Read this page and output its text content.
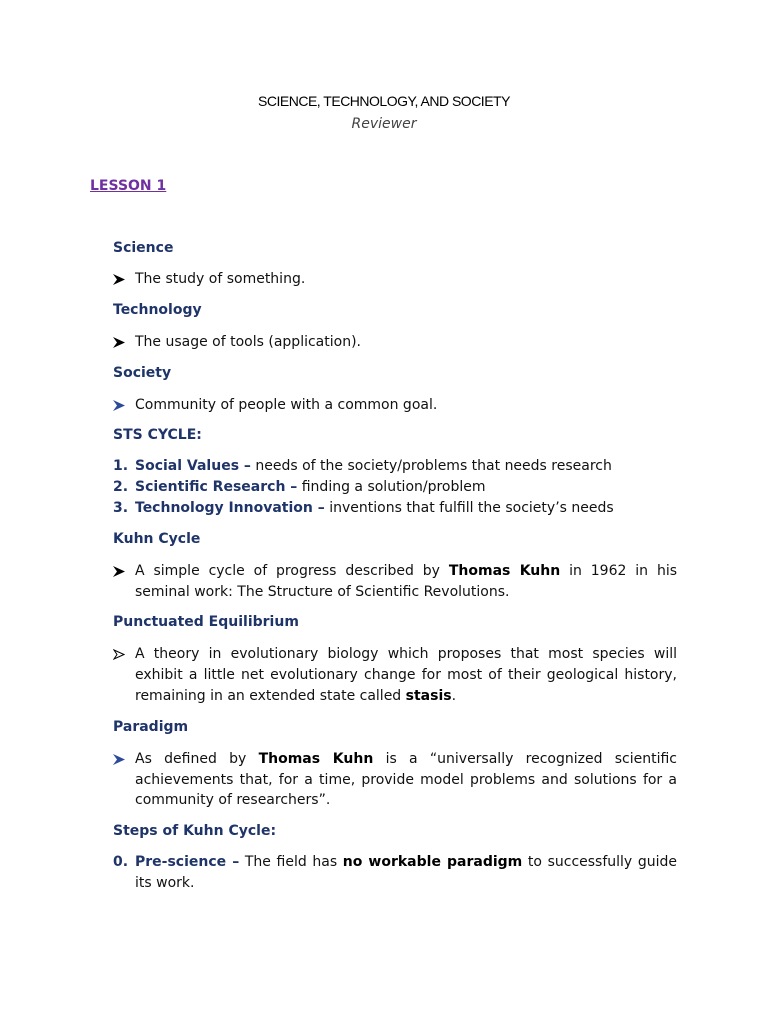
SCIENCE, TECHNOLOGY, AND SOCIETY
Reviewer
LESSON 1

Science

The study of something.

Technology

The usage of tools (application).

Society

Community of people with a common goal.

STS CYCLE:

1. Social Values – needs of the society/problems that needs research

2. Scientific Research – finding a solution/problem

3. Technology Innovation – inventions that fulfill the society’s needs

Kuhn Cycle

A simple cycle of progress described by Thomas Kuhn in 1962 in his seminal work: The Structure of Scientific Revolutions.

Punctuated Equilibrium

A theory in evolutionary biology which proposes that most species will exhibit a little net evolutionary change for most of their geological history, remaining in an extended state called stasis.

Paradigm

As defined by Thomas Kuhn is a “universally recognized scientific achievements that, for a time, provide model problems and solutions for a community of researchers”.

Steps of Kuhn Cycle:

0. Pre-science – The field has no workable paradigm to successfully guide its work.
